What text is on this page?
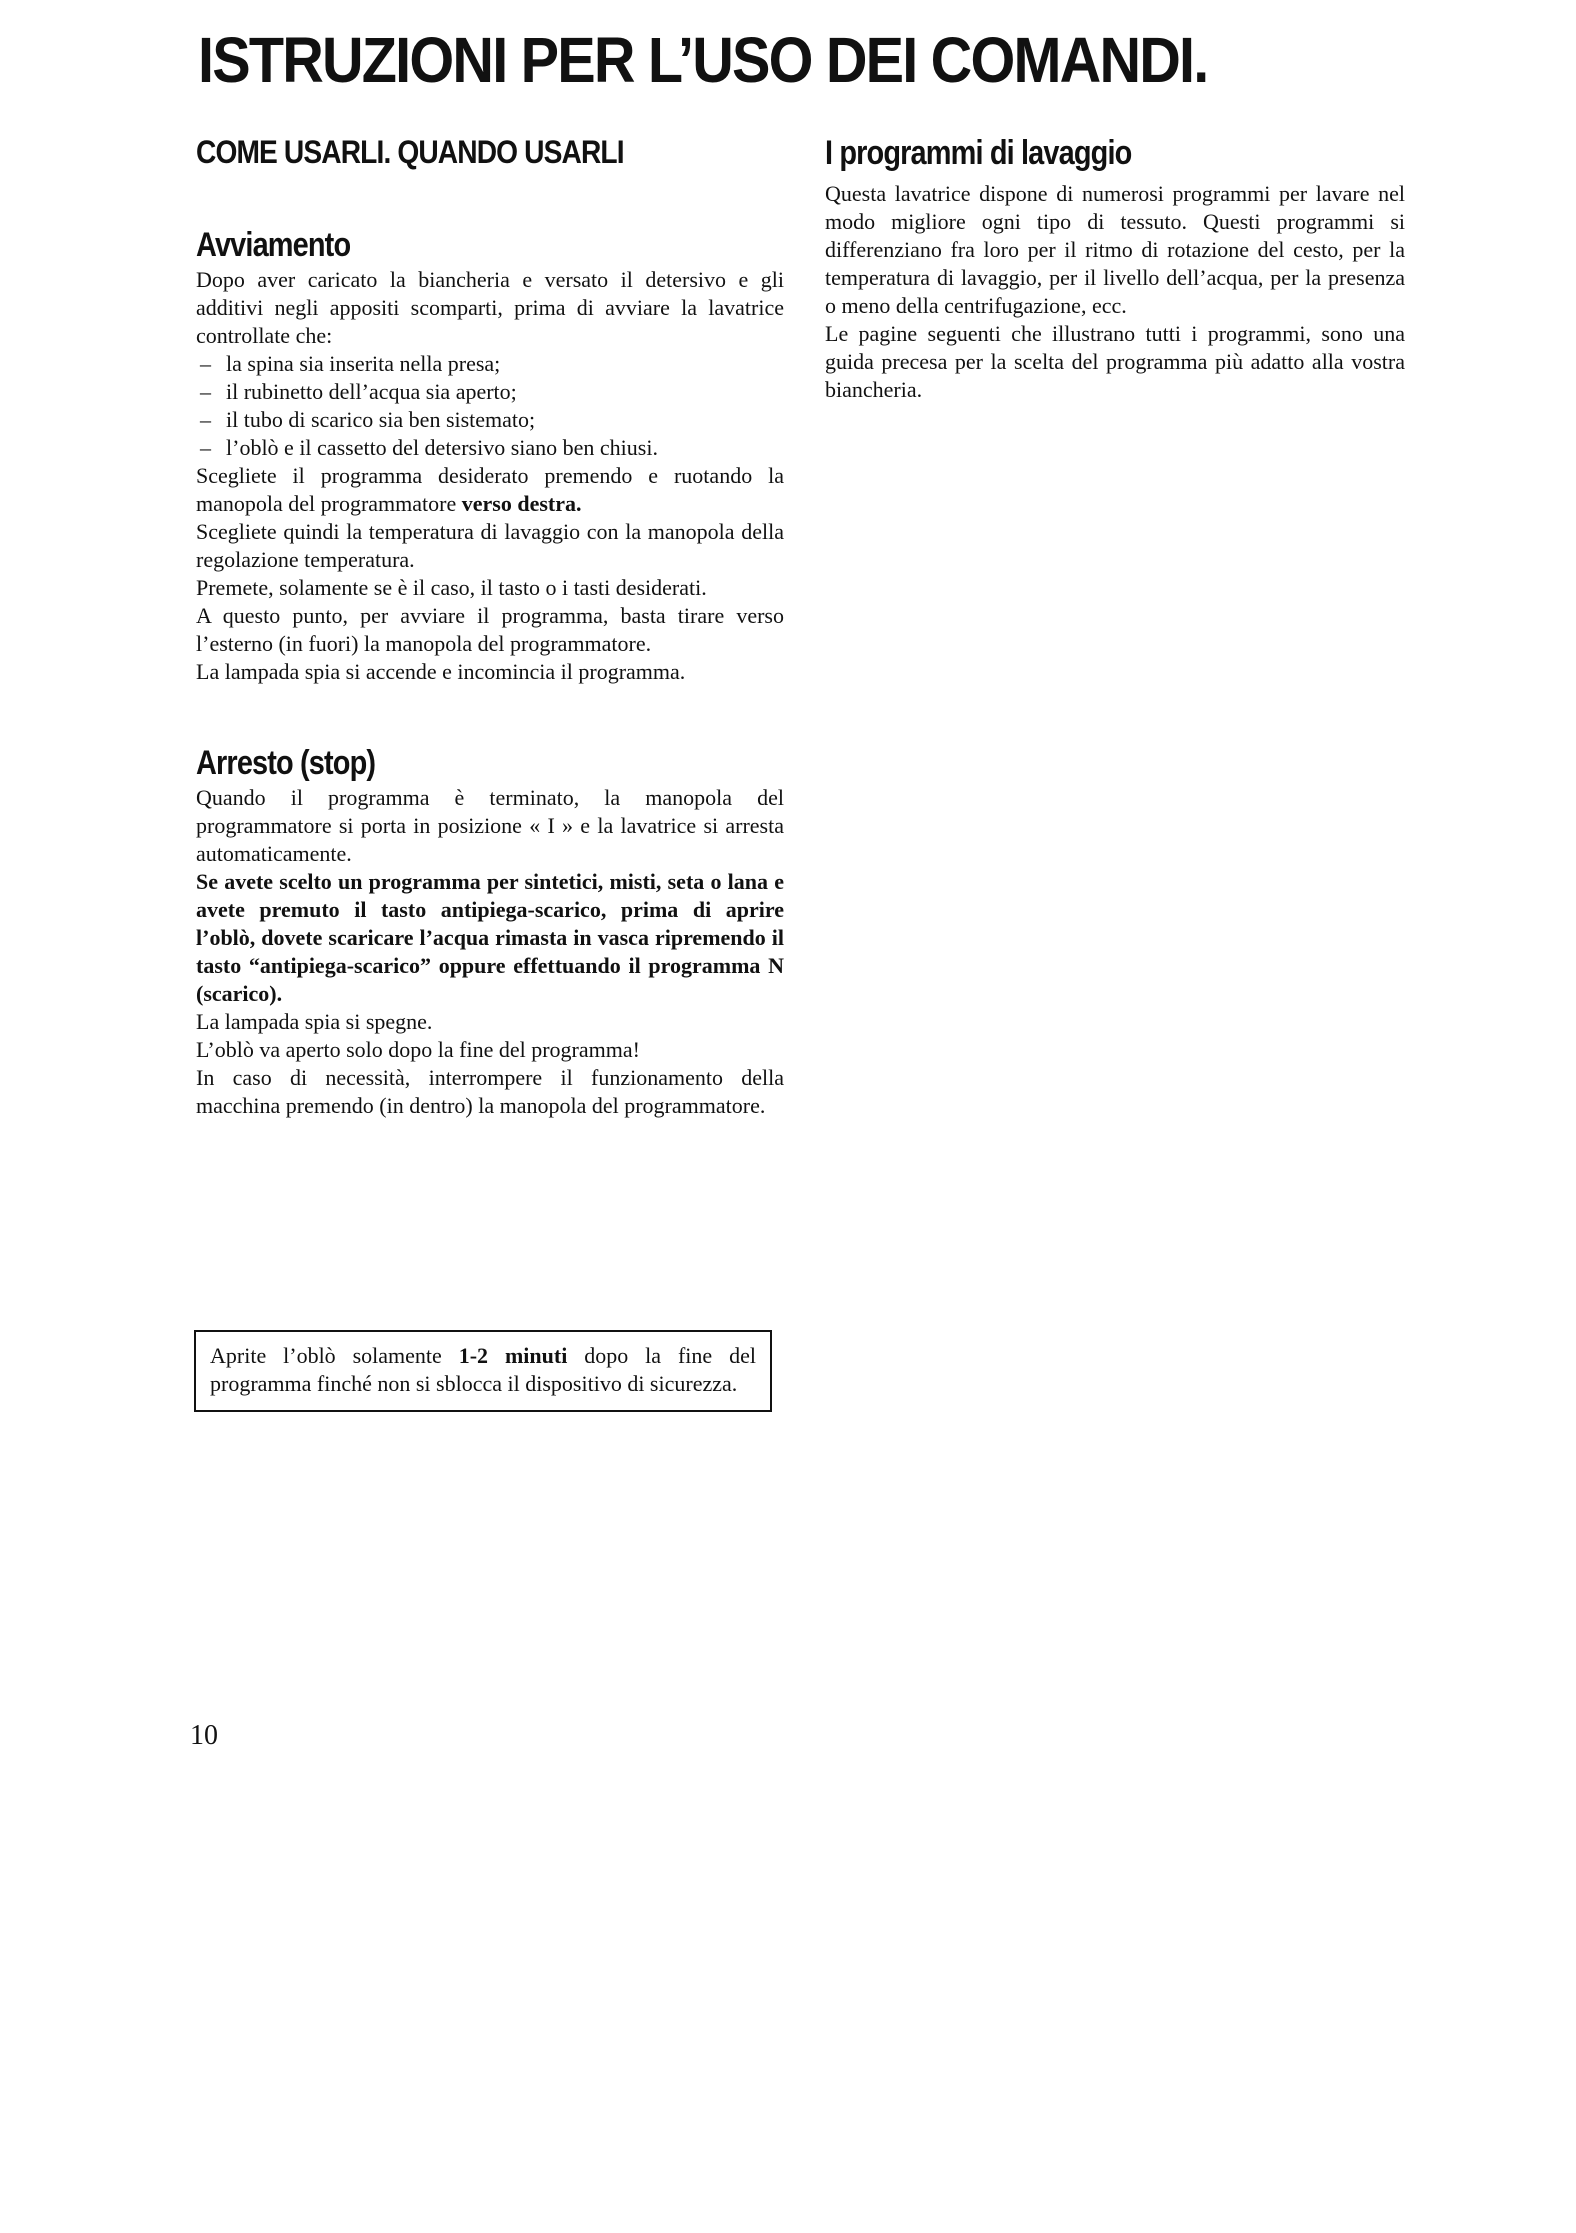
ISTRUZIONI PER L’USO DEI COMANDI.
COME USARLI. QUANDO USARLI
Avviamento

Dopo aver caricato la biancheria e versato il detersivo e gli additivi negli appositi scomparti, prima di avviare la lavatrice controllate che:

– la spina sia inserita nella presa;
– il rubinetto dell’acqua sia aperto;
– il tubo di scarico sia ben sistemato;
– l’oblò e il cassetto del detersivo siano ben chiusi.

Scegliete il programma desiderato premendo e ruotando la manopola del programmatore verso destra.

Scegliete quindi la temperatura di lavaggio con la manopola della regolazione temperatura.

Premete, solamente se è il caso, il tasto o i tasti desiderati.

A questo punto, per avviare il programma, basta tirare verso l’esterno (in fuori) la manopola del programmatore.

La lampada spia si accende e incomincia il programma.

Arresto (stop)

Quando il programma è terminato, la manopola del programmatore si porta in posizione « I » e la lavatrice si arresta automaticamente.

Se avete scelto un programma per sintetici, misti, seta o lana e avete premuto il tasto antipiega-scarico, prima di aprire l’oblò, dovete scaricare l’acqua rimasta in vasca ripremendo il tasto “antipiega-scarico” oppure effettuando il programma N (scarico).

La lampada spia si spegne.

L’oblò va aperto solo dopo la fine del programma!

In caso di necessità, interrompere il funzionamento della macchina premendo (in dentro) la manopola del programmatore.

Aprite l’oblò solamente 1-2 minuti dopo la fine del programma finché non si sblocca il dispositivo di sicurezza.

I programmi di lavaggio

Questa lavatrice dispone di numerosi programmi per lavare nel modo migliore ogni tipo di tessuto. Questi programmi si differenziano fra loro per il ritmo di rotazione del cesto, per la temperatura di lavaggio, per il livello dell’acqua, per la presenza o meno della centrifugazione, ecc.

Le pagine seguenti che illustrano tutti i programmi, sono una guida precesa per la scelta del programma più adatto alla vostra biancheria.

10
